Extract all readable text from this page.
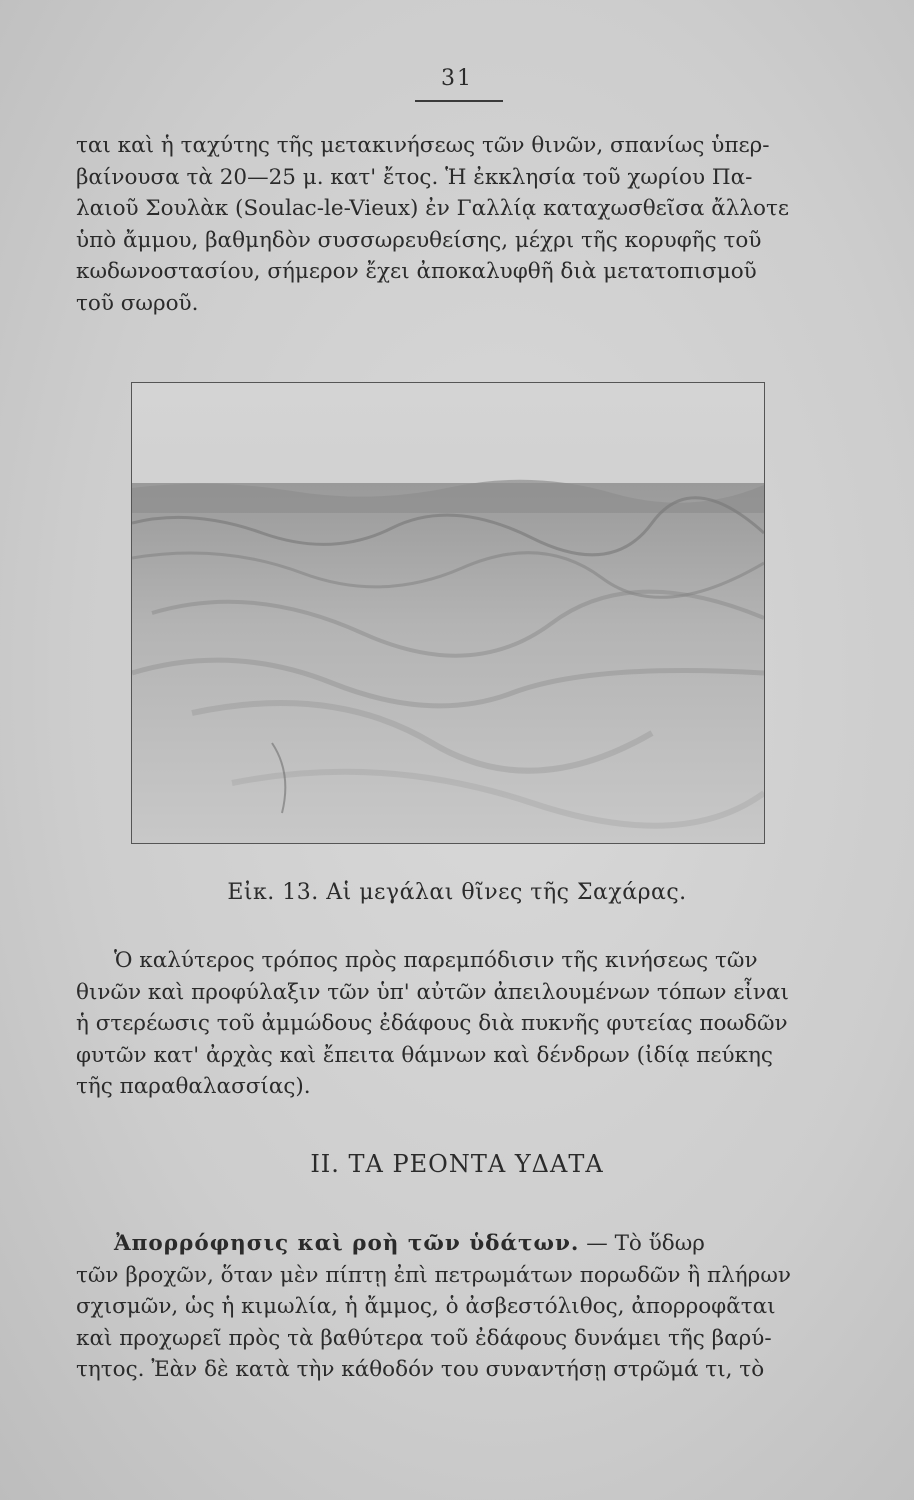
31
ται καὶ ἡ ταχύτης τῆς μετακινήσεως τῶν θινῶν, σπανίως ὑπερ-
βαίνουσα τὰ 20—25 μ. κατ' ἔτος. Ἡ ἐκκλησία τοῦ χωρίου Πα-
λαιοῦ Σουλὰκ (Soulac-le-Vieux) ἐν Γαλλίᾳ καταχωσθεῖσα ἄλλοτε
ὑπὸ ἄμμου, βαθμηδὸν συσσωρευθείσης, μέχρι τῆς κορυφῆς τοῦ
κωδωνοστασίου, σήμερον ἔχει ἀποκαλυφθῆ διὰ μετατοπισμοῦ
τοῦ σωροῦ.
Εἰκ. 13. Αἱ μεγάλαι θῖνες τῆς Σαχάρας.
Ὁ καλύτερος τρόπος πρὸς παρεμπόδισιν τῆς κινήσεως τῶν
θινῶν καὶ προφύλαξιν τῶν ὑπ' αὐτῶν ἀπειλουμένων τόπων εἶναι
ἡ στερέωσις τοῦ ἀμμώδους ἐδάφους διὰ πυκνῆς φυτείας ποωδῶν
φυτῶν κατ' ἀρχὰς καὶ ἔπειτα θάμνων καὶ δένδρων (ἰδίᾳ πεύκης
τῆς παραθαλασσίας).
ΙΙ. ΤΑ ΡΕΟΝΤΑ ΥΔΑΤΑ
Ἀπορρόφησις καὶ ροὴ τῶν ὑδάτων. — Τὸ ὕδωρ
τῶν βροχῶν, ὅταν μὲν πίπτῃ ἐπὶ πετρωμάτων πορωδῶν ἢ πλήρων
σχισμῶν, ὡς ἡ κιμωλία, ἡ ἄμμος, ὁ ἀσβεστόλιθος, ἀπορροφᾶται
καὶ προχωρεῖ πρὸς τὰ βαθύτερα τοῦ ἐδάφους δυνάμει τῆς βαρύ-
τητος. Ἐὰν δὲ κατὰ τὴν κάθοδόν του συναντήσῃ στρῶμά τι, τὸ
